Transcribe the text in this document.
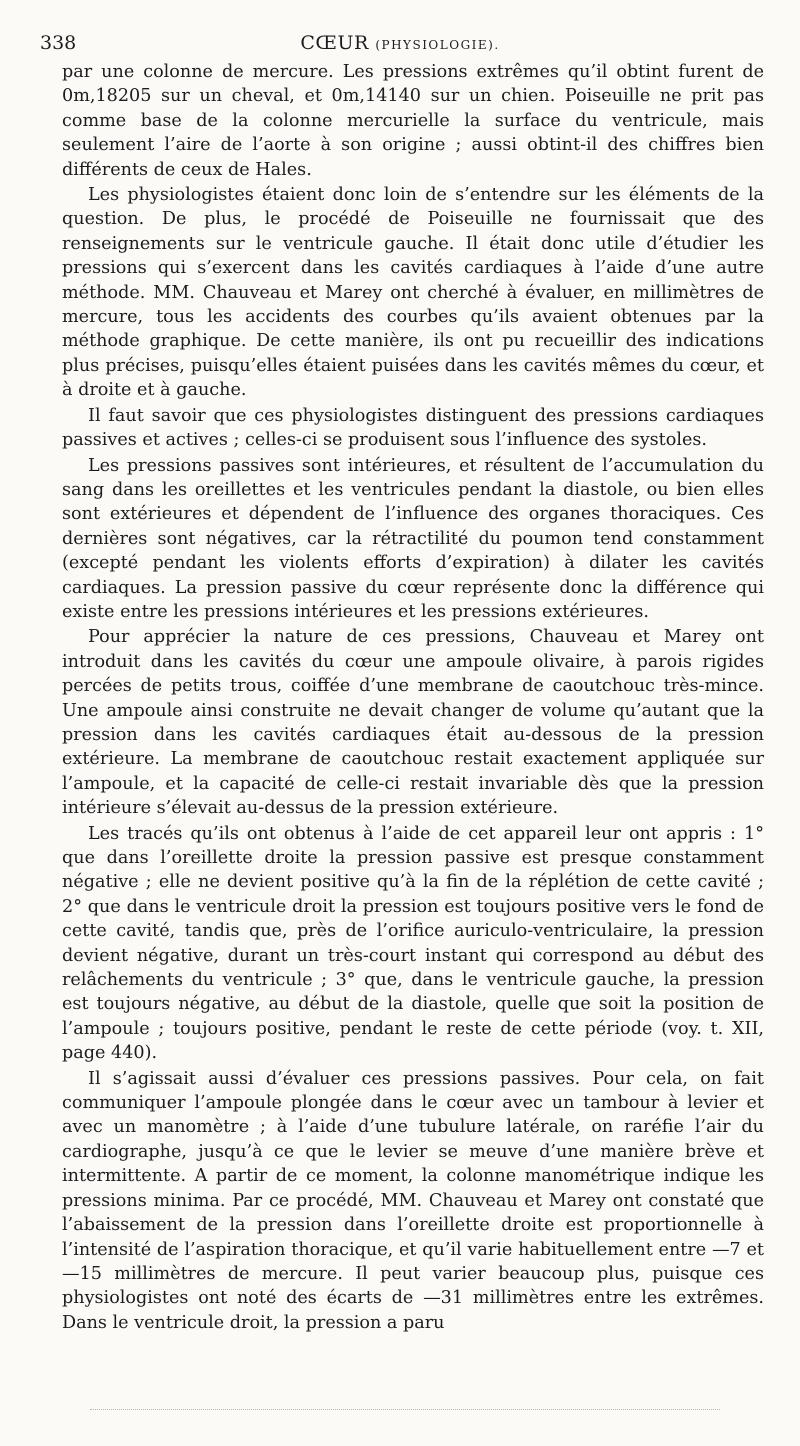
338	CŒUR (PHYSIOLOGIE).

par une colonne de mercure. Les pressions extrêmes qu’il obtint furent de 0m,18205 sur un cheval, et 0m,14140 sur un chien. Poiseuille ne prit pas comme base de la colonne mercurielle la surface du ventricule, mais seulement l’aire de l’aorte à son origine ; aussi obtint-il des chiffres bien différents de ceux de Hales.

Les physiologistes étaient donc loin de s’entendre sur les éléments de la question. De plus, le procédé de Poiseuille ne fournissait que des renseignements sur le ventricule gauche. Il était donc utile d’étudier les pressions qui s’exercent dans les cavités cardiaques à l’aide d’une autre méthode. MM. Chauveau et Marey ont cherché à évaluer, en millimètres de mercure, tous les accidents des courbes qu’ils avaient obtenues par la méthode graphique. De cette manière, ils ont pu recueillir des indications plus précises, puisqu’elles étaient puisées dans les cavités mêmes du cœur, et à droite et à gauche.

Il faut savoir que ces physiologistes distinguent des pressions cardiaques passives et actives ; celles-ci se produisent sous l’influence des systoles.

Les pressions passives sont intérieures, et résultent de l’accumulation du sang dans les oreillettes et les ventricules pendant la diastole, ou bien elles sont extérieures et dépendent de l’influence des organes thoraciques. Ces dernières sont négatives, car la rétractilité du poumon tend constamment (excepté pendant les violents efforts d’expiration) à dilater les cavités cardiaques. La pression passive du cœur représente donc la différence qui existe entre les pressions intérieures et les pressions extérieures.

Pour apprécier la nature de ces pressions, Chauveau et Marey ont introduit dans les cavités du cœur une ampoule olivaire, à parois rigides percées de petits trous, coiffée d’une membrane de caoutchouc très-mince. Une ampoule ainsi construite ne devait changer de volume qu’autant que la pression dans les cavités cardiaques était au-dessous de la pression extérieure. La membrane de caoutchouc restait exactement appliquée sur l’ampoule, et la capacité de celle-ci restait invariable dès que la pression intérieure s’élevait au-dessus de la pression extérieure.

Les tracés qu’ils ont obtenus à l’aide de cet appareil leur ont appris : 1° que dans l’oreillette droite la pression passive est presque constamment négative ; elle ne devient positive qu’à la fin de la réplétion de cette cavité ; 2° que dans le ventricule droit la pression est toujours positive vers le fond de cette cavité, tandis que, près de l’orifice auriculo-ventriculaire, la pression devient négative, durant un très-court instant qui correspond au début des relâchements du ventricule ; 3° que, dans le ventricule gauche, la pression est toujours négative, au début de la diastole, quelle que soit la position de l’ampoule ; toujours positive, pendant le reste de cette période (voy. t. XII, page 440).

Il s’agissait aussi d’évaluer ces pressions passives. Pour cela, on fait communiquer l’ampoule plongée dans le cœur avec un tambour à levier et avec un manomètre ; à l’aide d’une tubulure latérale, on raréfie l’air du cardiographe, jusqu’à ce que le levier se meuve d’une manière brève et intermittente. A partir de ce moment, la colonne manométrique indique les pressions minima. Par ce procédé, MM. Chauveau et Marey ont constaté que l’abaissement de la pression dans l’oreillette droite est proportionnelle à l’intensité de l’aspiration thoracique, et qu’il varie habituellement entre —7 et —15 millimètres de mercure. Il peut varier beaucoup plus, puisque ces physiologistes ont noté des écarts de —31 millimètres entre les extrêmes. Dans le ventricule droit, la pression a paru
